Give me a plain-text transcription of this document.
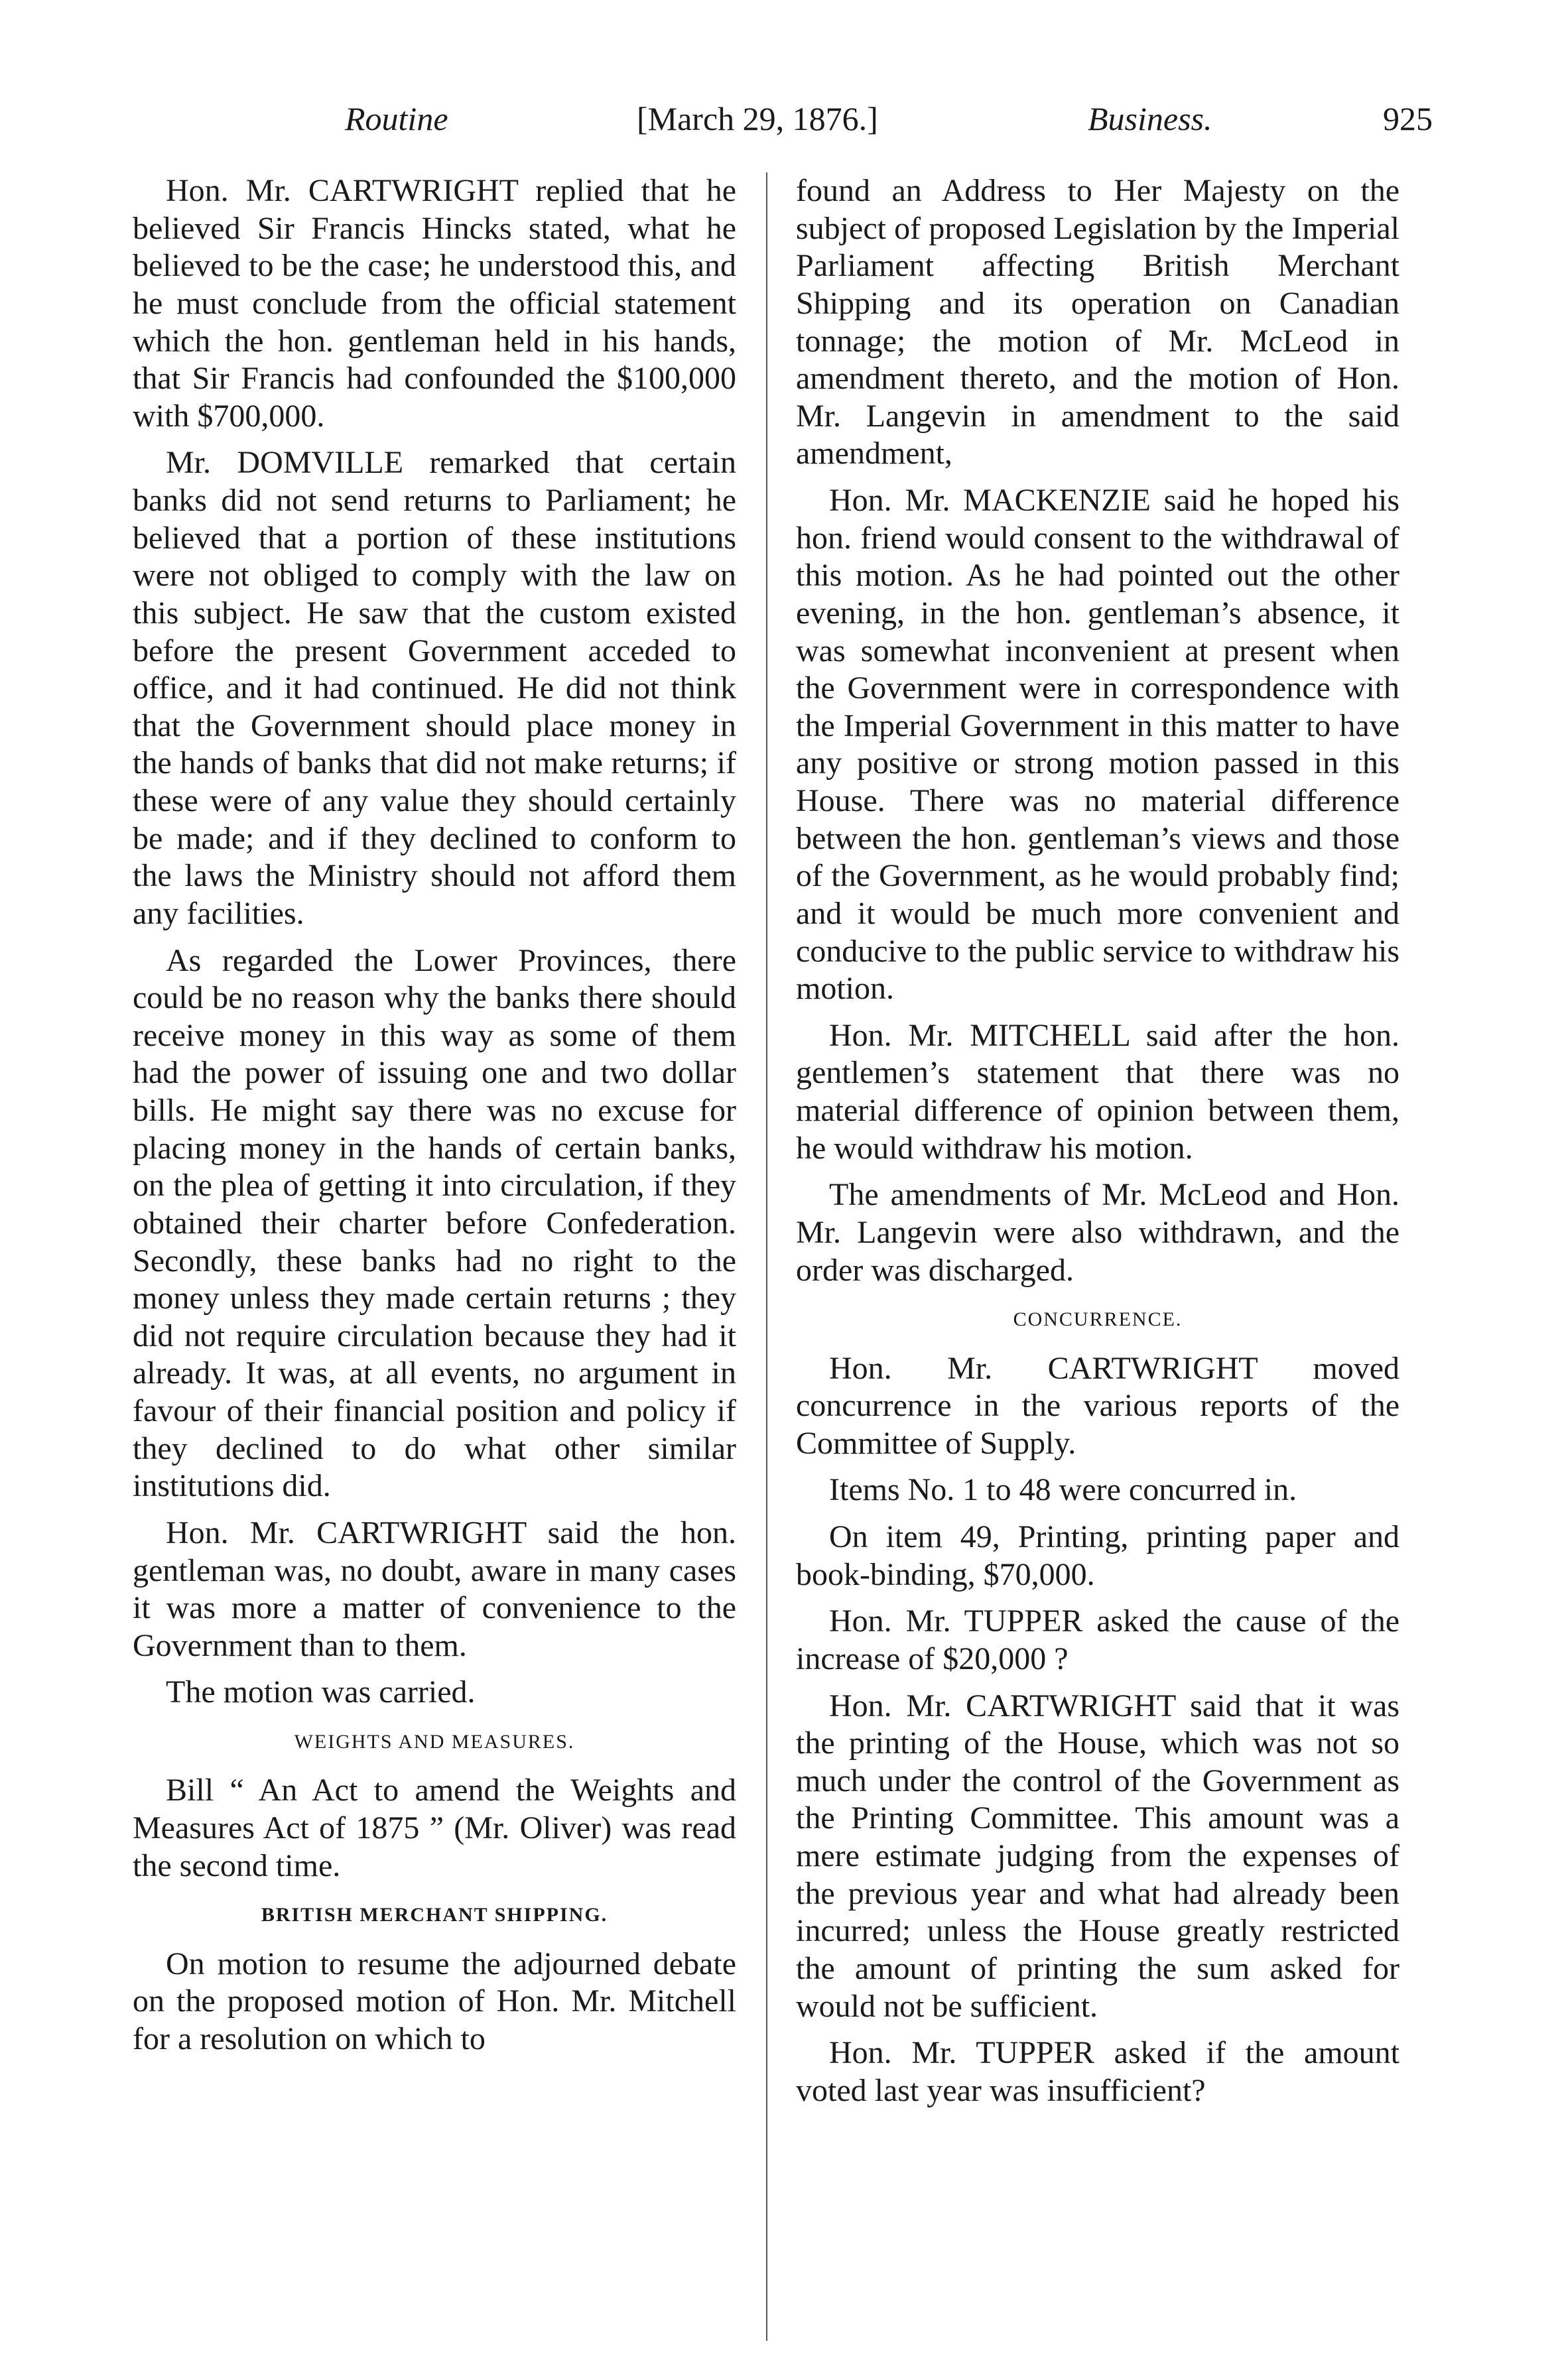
Routine	[March 29, 1876.]	Business.	925

Hon. Mr. CARTWRIGHT replied that he believed Sir Francis Hincks stated, what he believed to be the case; he understood this, and he must conclude from the official statement which the hon. gentleman held in his hands, that Sir Francis had confounded the $100,000 with $700,000.

Mr. DOMVILLE remarked that certain banks did not send returns to Parliament; he believed that a portion of these institutions were not obliged to comply with the law on this subject. He saw that the custom existed before the present Government acceded to office, and it had continued. He did not think that the Government should place money in the hands of banks that did not make returns; if these were of any value they should certainly be made; and if they declined to conform to the laws the Ministry should not afford them any facilities.

As regarded the Lower Provinces, there could be no reason why the banks there should receive money in this way as some of them had the power of issuing one and two dollar bills. He might say there was no excuse for placing money in the hands of certain banks, on the plea of getting it into circulation, if they obtained their charter before Confederation. Secondly, these banks had no right to the money unless they made certain returns ; they did not require circulation because they had it already. It was, at all events, no argument in favour of their financial position and policy if they declined to do what other similar institutions did.

Hon. Mr. CARTWRIGHT said the hon. gentleman was, no doubt, aware in many cases it was more a matter of convenience to the Government than to them.

The motion was carried.

WEIGHTS AND MEASURES.

Bill “ An Act to amend the Weights and Measures Act of 1875 ” (Mr. Oliver) was read the second time.

BRITISH MERCHANT SHIPPING.

On motion to resume the adjourned debate on the proposed motion of Hon. Mr. Mitchell for a resolution on which to

found an Address to Her Majesty on the subject of proposed Legislation by the Imperial Parliament affecting British Merchant Shipping and its operation on Canadian tonnage; the motion of Mr. McLeod in amendment thereto, and the motion of Hon. Mr. Langevin in amendment to the said amendment,

Hon. Mr. MACKENZIE said he hoped his hon. friend would consent to the withdrawal of this motion. As he had pointed out the other evening, in the hon. gentleman’s absence, it was somewhat inconvenient at present when the Government were in correspondence with the Imperial Government in this matter to have any positive or strong motion passed in this House. There was no material difference between the hon. gentleman’s views and those of the Government, as he would probably find; and it would be much more convenient and conducive to the public service to withdraw his motion.

Hon. Mr. MITCHELL said after the hon. gentlemen’s statement that there was no material difference of opinion between them, he would withdraw his motion.

The amendments of Mr. McLeod and Hon. Mr. Langevin were also withdrawn, and the order was discharged.

CONCURRENCE.

Hon. Mr. CARTWRIGHT moved concurrence in the various reports of the Committee of Supply.

Items No. 1 to 48 were concurred in.

On item 49, Printing, printing paper and book-binding, $70,000.

Hon. Mr. TUPPER asked the cause of the increase of $20,000 ?

Hon. Mr. CARTWRIGHT said that it was the printing of the House, which was not so much under the control of the Government as the Printing Committee. This amount was a mere estimate judging from the expenses of the previous year and what had already been incurred; unless the House greatly restricted the amount of printing the sum asked for would not be sufficient.

Hon. Mr. TUPPER asked if the amount voted last year was insufficient?
